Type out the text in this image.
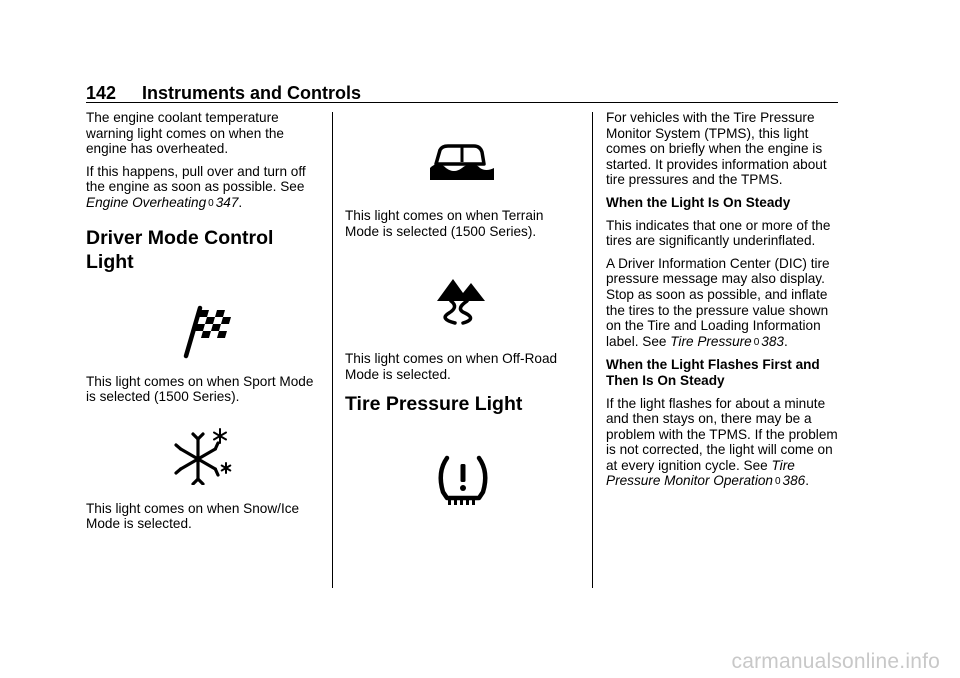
142 Instruments and Controls

The engine coolant temperature warning light comes on when the engine has overheated.

If this happens, pull over and turn off the engine as soon as possible. See Engine Overheating 0 347.

Driver Mode Control Light

This light comes on when Sport Mode is selected (1500 Series).

This light comes on when Snow/Ice Mode is selected.

This light comes on when Terrain Mode is selected (1500 Series).

This light comes on when Off-Road Mode is selected.

Tire Pressure Light

For vehicles with the Tire Pressure Monitor System (TPMS), this light comes on briefly when the engine is started. It provides information about tire pressures and the TPMS.

When the Light Is On Steady

This indicates that one or more of the tires are significantly underinflated.

A Driver Information Center (DIC) tire pressure message may also display. Stop as soon as possible, and inflate the tires to the pressure value shown on the Tire and Loading Information label. See Tire Pressure 0 383.

When the Light Flashes First and Then Is On Steady

If the light flashes for about a minute and then stays on, there may be a problem with the TPMS. If the problem is not corrected, the light will come on at every ignition cycle. See Tire Pressure Monitor Operation 0 386.

carmanualsonline.info
